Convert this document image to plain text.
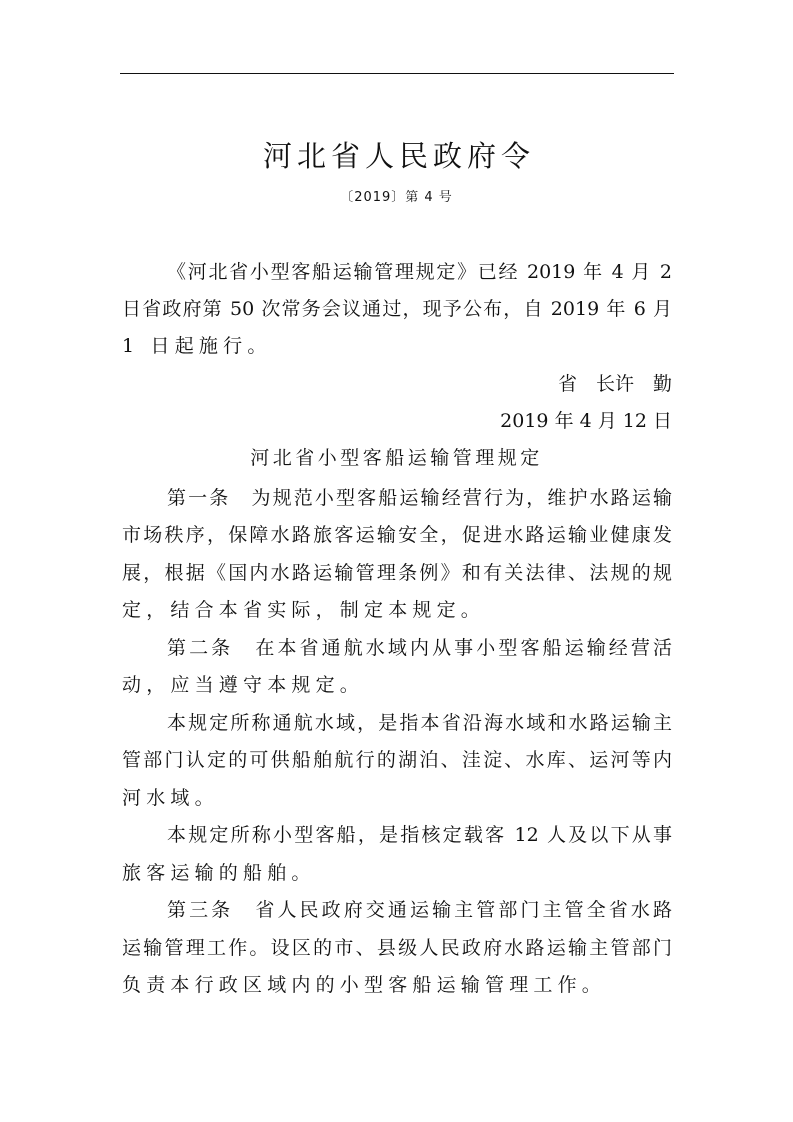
河北省人民政府令
〔2019〕第 4 号
《河北省小型客船运输管理规定》已经 2019 年 4 月 2
日省政府第 50 次常务会议通过，现予公布，自 2019 年 6 月
1 日起施行。
省　长许　勤
2019 年 4 月 12 日
河北省小型客船运输管理规定
第一条　为规范小型客船运输经营行为，维护水路运输
市场秩序，保障水路旅客运输安全，促进水路运输业健康发
展，根据《国内水路运输管理条例》和有关法律、法规的规
定，结合本省实际，制定本规定。
第二条　在本省通航水域内从事小型客船运输经营活
动，应当遵守本规定。
本规定所称通航水域，是指本省沿海水域和水路运输主
管部门认定的可供船舶航行的湖泊、洼淀、水库、运河等内
河水域。
本规定所称小型客船，是指核定载客 12 人及以下从事
旅客运输的船舶。
第三条　省人民政府交通运输主管部门主管全省水路
运输管理工作。设区的市、县级人民政府水路运输主管部门
负责本行政区域内的小型客船运输管理工作。
